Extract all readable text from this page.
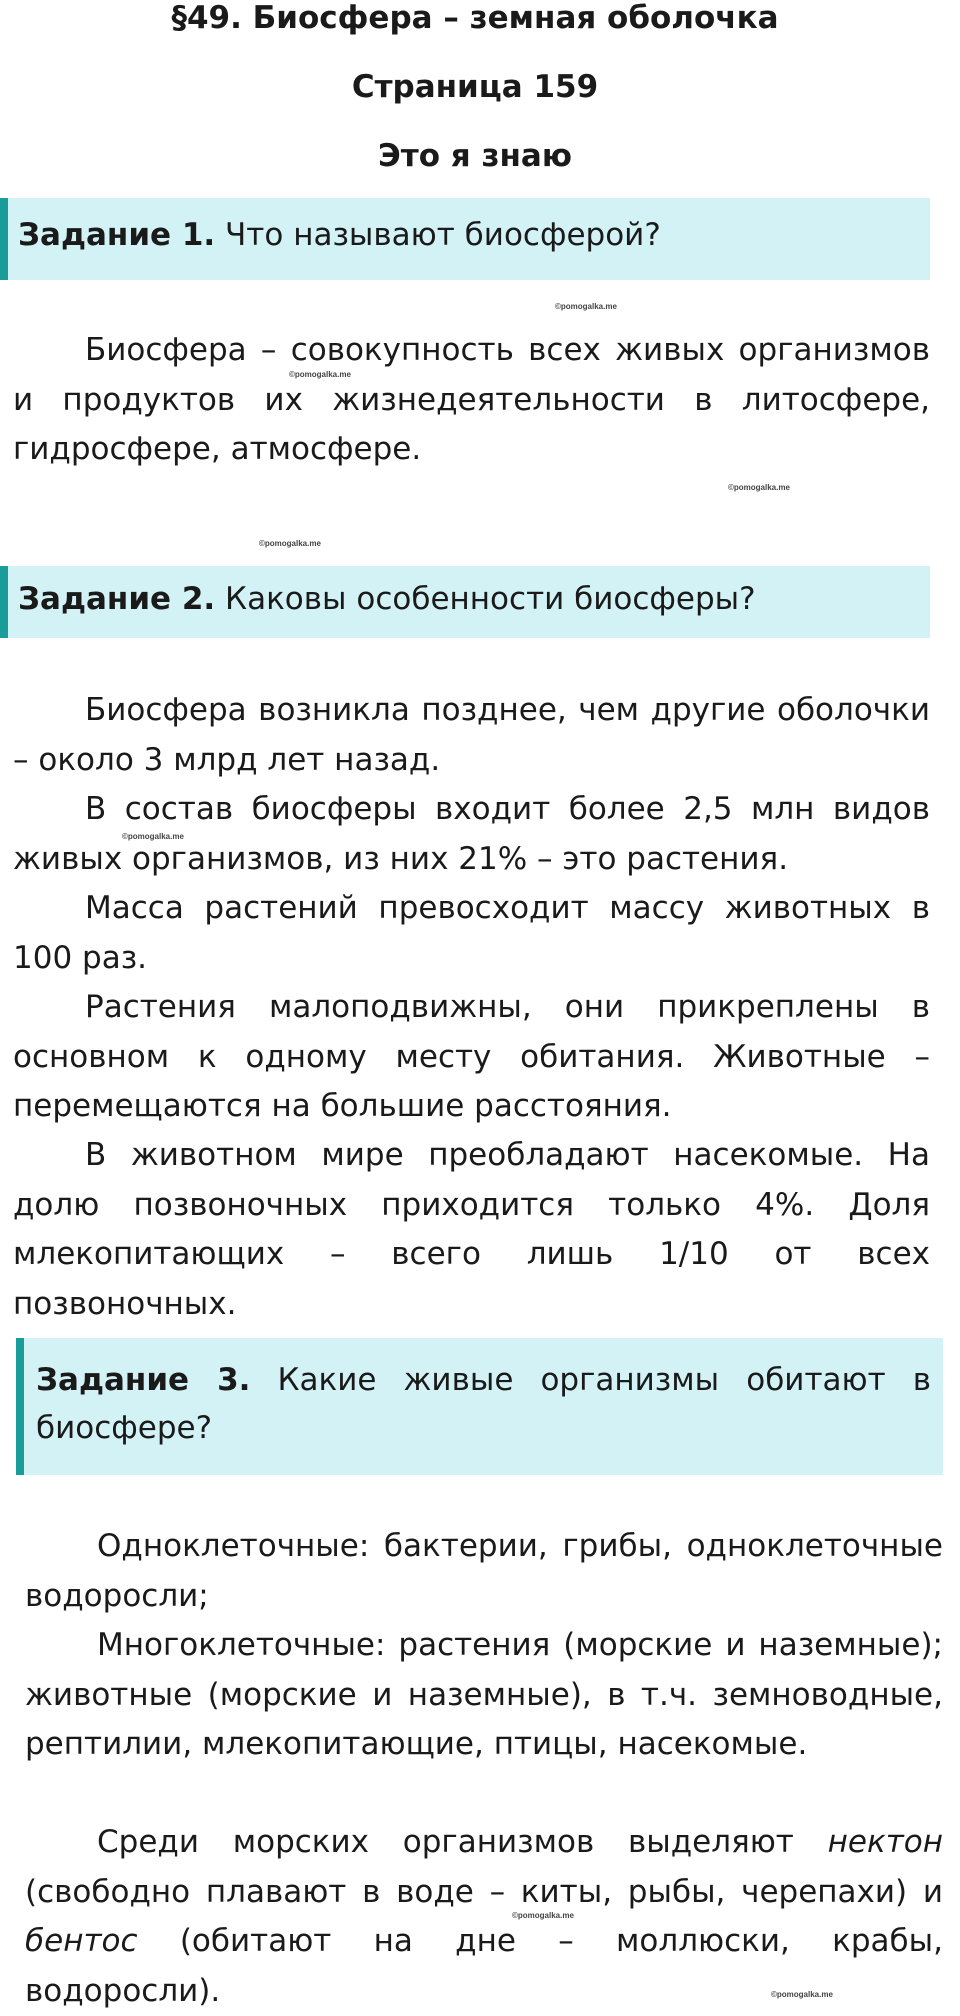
§49. Биосфера – земная оболочка
Страница 159
Это я знаю
Задание 1. Что называют биосферой?
©pomogalka.me

Биосфера – совокупность всех живых организмов и продуктов их жизнедеятельности в литосфере, гидросфере, атмосфере.

©pomogalka.me
©pomogalka.me
©pomogalka.me
Задание 2. Каковы особенности биосферы?

Биосфера возникла позднее, чем другие оболочки – около 3 млрд лет назад.

В состав биосферы входит более 2,5 млн видов живых организмов, из них 21% – это растения.

©pomogalka.me

Масса растений превосходит массу животных в 100 раз.

Растения малоподвижны, они прикреплены в основном к одному месту обитания. Животные – перемещаются на большие расстояния.

В животном мире преобладают насекомые. На долю позвоночных приходится только 4%. Доля млекопитающих – всего лишь 1/10 от всех позвоночных.

Задание 3. Какие живые организмы обитают в биосфере?

Одноклеточные: бактерии, грибы, одноклеточные водоросли;

Многоклеточные: растения (морские и наземные); животные (морские и наземные), в т.ч. земноводные, рептилии, млекопитающие, птицы, насекомые.

Среди морских организмов выделяют нектон (свободно плавают в воде – киты, рыбы, черепахи) и бентос (обитают на дне – моллюски, крабы, водоросли).

©pomogalka.me
©pomogalka.me
